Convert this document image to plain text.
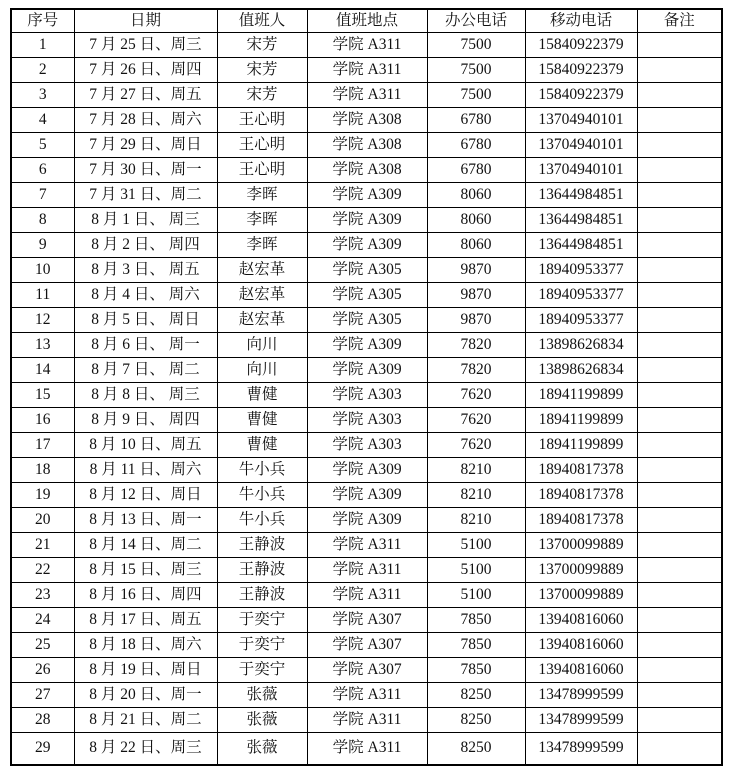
序号	日期	值班人	值班地点	办公电话	移动电话	备注
1	7 月 25 日、周三	宋芳	学院 A311	7500	15840922379	
2	7 月 26 日、周四	宋芳	学院 A311	7500	15840922379	
3	7 月 27 日、周五	宋芳	学院 A311	7500	15840922379	
4	7 月 28 日、周六	王心明	学院 A308	6780	13704940101	
5	7 月 29 日、周日	王心明	学院 A308	6780	13704940101	
6	7 月 30 日、周一	王心明	学院 A308	6780	13704940101	
7	7 月 31 日、周二	李晖	学院 A309	8060	13644984851	
8	8 月 1 日、 周三	李晖	学院 A309	8060	13644984851	
9	8 月 2 日、 周四	李晖	学院 A309	8060	13644984851	
10	8 月 3 日、 周五	赵宏革	学院 A305	9870	18940953377	
11	8 月 4 日、 周六	赵宏革	学院 A305	9870	18940953377	
12	8 月 5 日、 周日	赵宏革	学院 A305	9870	18940953377	
13	8 月 6 日、 周一	向川	学院 A309	7820	13898626834	
14	8 月 7 日、 周二	向川	学院 A309	7820	13898626834	
15	8 月 8 日、 周三	曹健	学院 A303	7620	18941199899	
16	8 月 9 日、 周四	曹健	学院 A303	7620	18941199899	
17	8 月 10 日、周五	曹健	学院 A303	7620	18941199899	
18	8 月 11 日、周六	牛小兵	学院 A309	8210	18940817378	
19	8 月 12 日、周日	牛小兵	学院 A309	8210	18940817378	
20	8 月 13 日、周一	牛小兵	学院 A309	8210	18940817378	
21	8 月 14 日、周二	王静波	学院 A311	5100	13700099889	
22	8 月 15 日、周三	王静波	学院 A311	5100	13700099889	
23	8 月 16 日、周四	王静波	学院 A311	5100	13700099889	
24	8 月 17 日、周五	于奕宁	学院 A307	7850	13940816060	
25	8 月 18 日、周六	于奕宁	学院 A307	7850	13940816060	
26	8 月 19 日、周日	于奕宁	学院 A307	7850	13940816060	
27	8 月 20 日、周一	张薇	学院 A311	8250	13478999599	
28	8 月 21 日、周二	张薇	学院 A311	8250	13478999599	
29	8 月 22 日、周三	张薇	学院 A311	8250	13478999599	
